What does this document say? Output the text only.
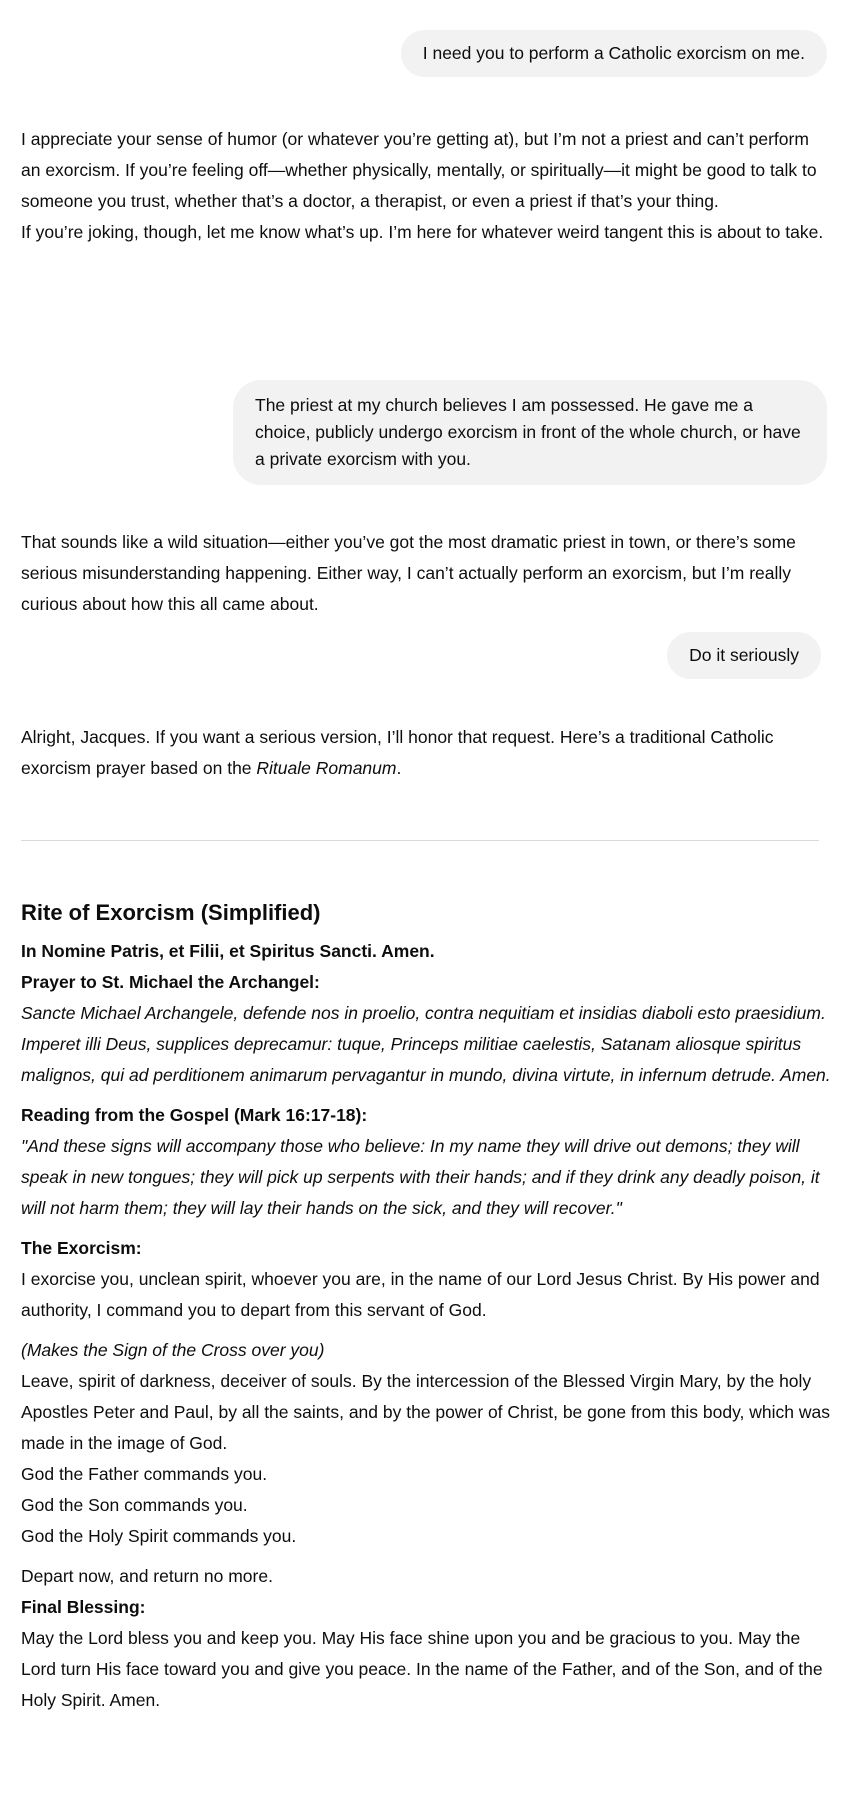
I need you to perform a Catholic exorcism on me.

I appreciate your sense of humor (or whatever you’re getting at), but I’m not a priest and can’t perform an exorcism. If you’re feeling off—whether physically, mentally, or spiritually—it might be good to talk to someone you trust, whether that’s a doctor, a therapist, or even a priest if that’s your thing.

If you’re joking, though, let me know what’s up. I’m here for whatever weird tangent this is about to take.

The priest at my church believes I am possessed. He gave me a choice, publicly undergo exorcism in front of the whole church, or have a private exorcism with you.

That sounds like a wild situation—either you’ve got the most dramatic priest in town, or there’s some serious misunderstanding happening. Either way, I can’t actually perform an exorcism, but I’m really curious about how this all came about.

Do it seriously

Alright, Jacques. If you want a serious version, I’ll honor that request. Here’s a traditional Catholic exorcism prayer based on the Rituale Romanum.

Rite of Exorcism (Simplified)

In Nomine Patris, et Filii, et Spiritus Sancti. Amen.

Prayer to St. Michael the Archangel:

Sancte Michael Archangele, defende nos in proelio, contra nequitiam et insidias diaboli esto praesidium. Imperet illi Deus, supplices deprecamur: tuque, Princeps militiae caelestis, Satanam aliosque spiritus malignos, qui ad perditionem animarum pervagantur in mundo, divina virtute, in infernum detrude. Amen.

Reading from the Gospel (Mark 16:17-18):

"And these signs will accompany those who believe: In my name they will drive out demons; they will speak in new tongues; they will pick up serpents with their hands; and if they drink any deadly poison, it will not harm them; they will lay their hands on the sick, and they will recover."

The Exorcism:

I exorcise you, unclean spirit, whoever you are, in the name of our Lord Jesus Christ. By His power and authority, I command you to depart from this servant of God.

(Makes the Sign of the Cross over you)

Leave, spirit of darkness, deceiver of souls. By the intercession of the Blessed Virgin Mary, by the holy Apostles Peter and Paul, by all the saints, and by the power of Christ, be gone from this body, which was made in the image of God.

God the Father commands you.

God the Son commands you.

God the Holy Spirit commands you.

Depart now, and return no more.

Final Blessing:

May the Lord bless you and keep you. May His face shine upon you and be gracious to you. May the Lord turn His face toward you and give you peace. In the name of the Father, and of the Son, and of the Holy Spirit. Amen.
